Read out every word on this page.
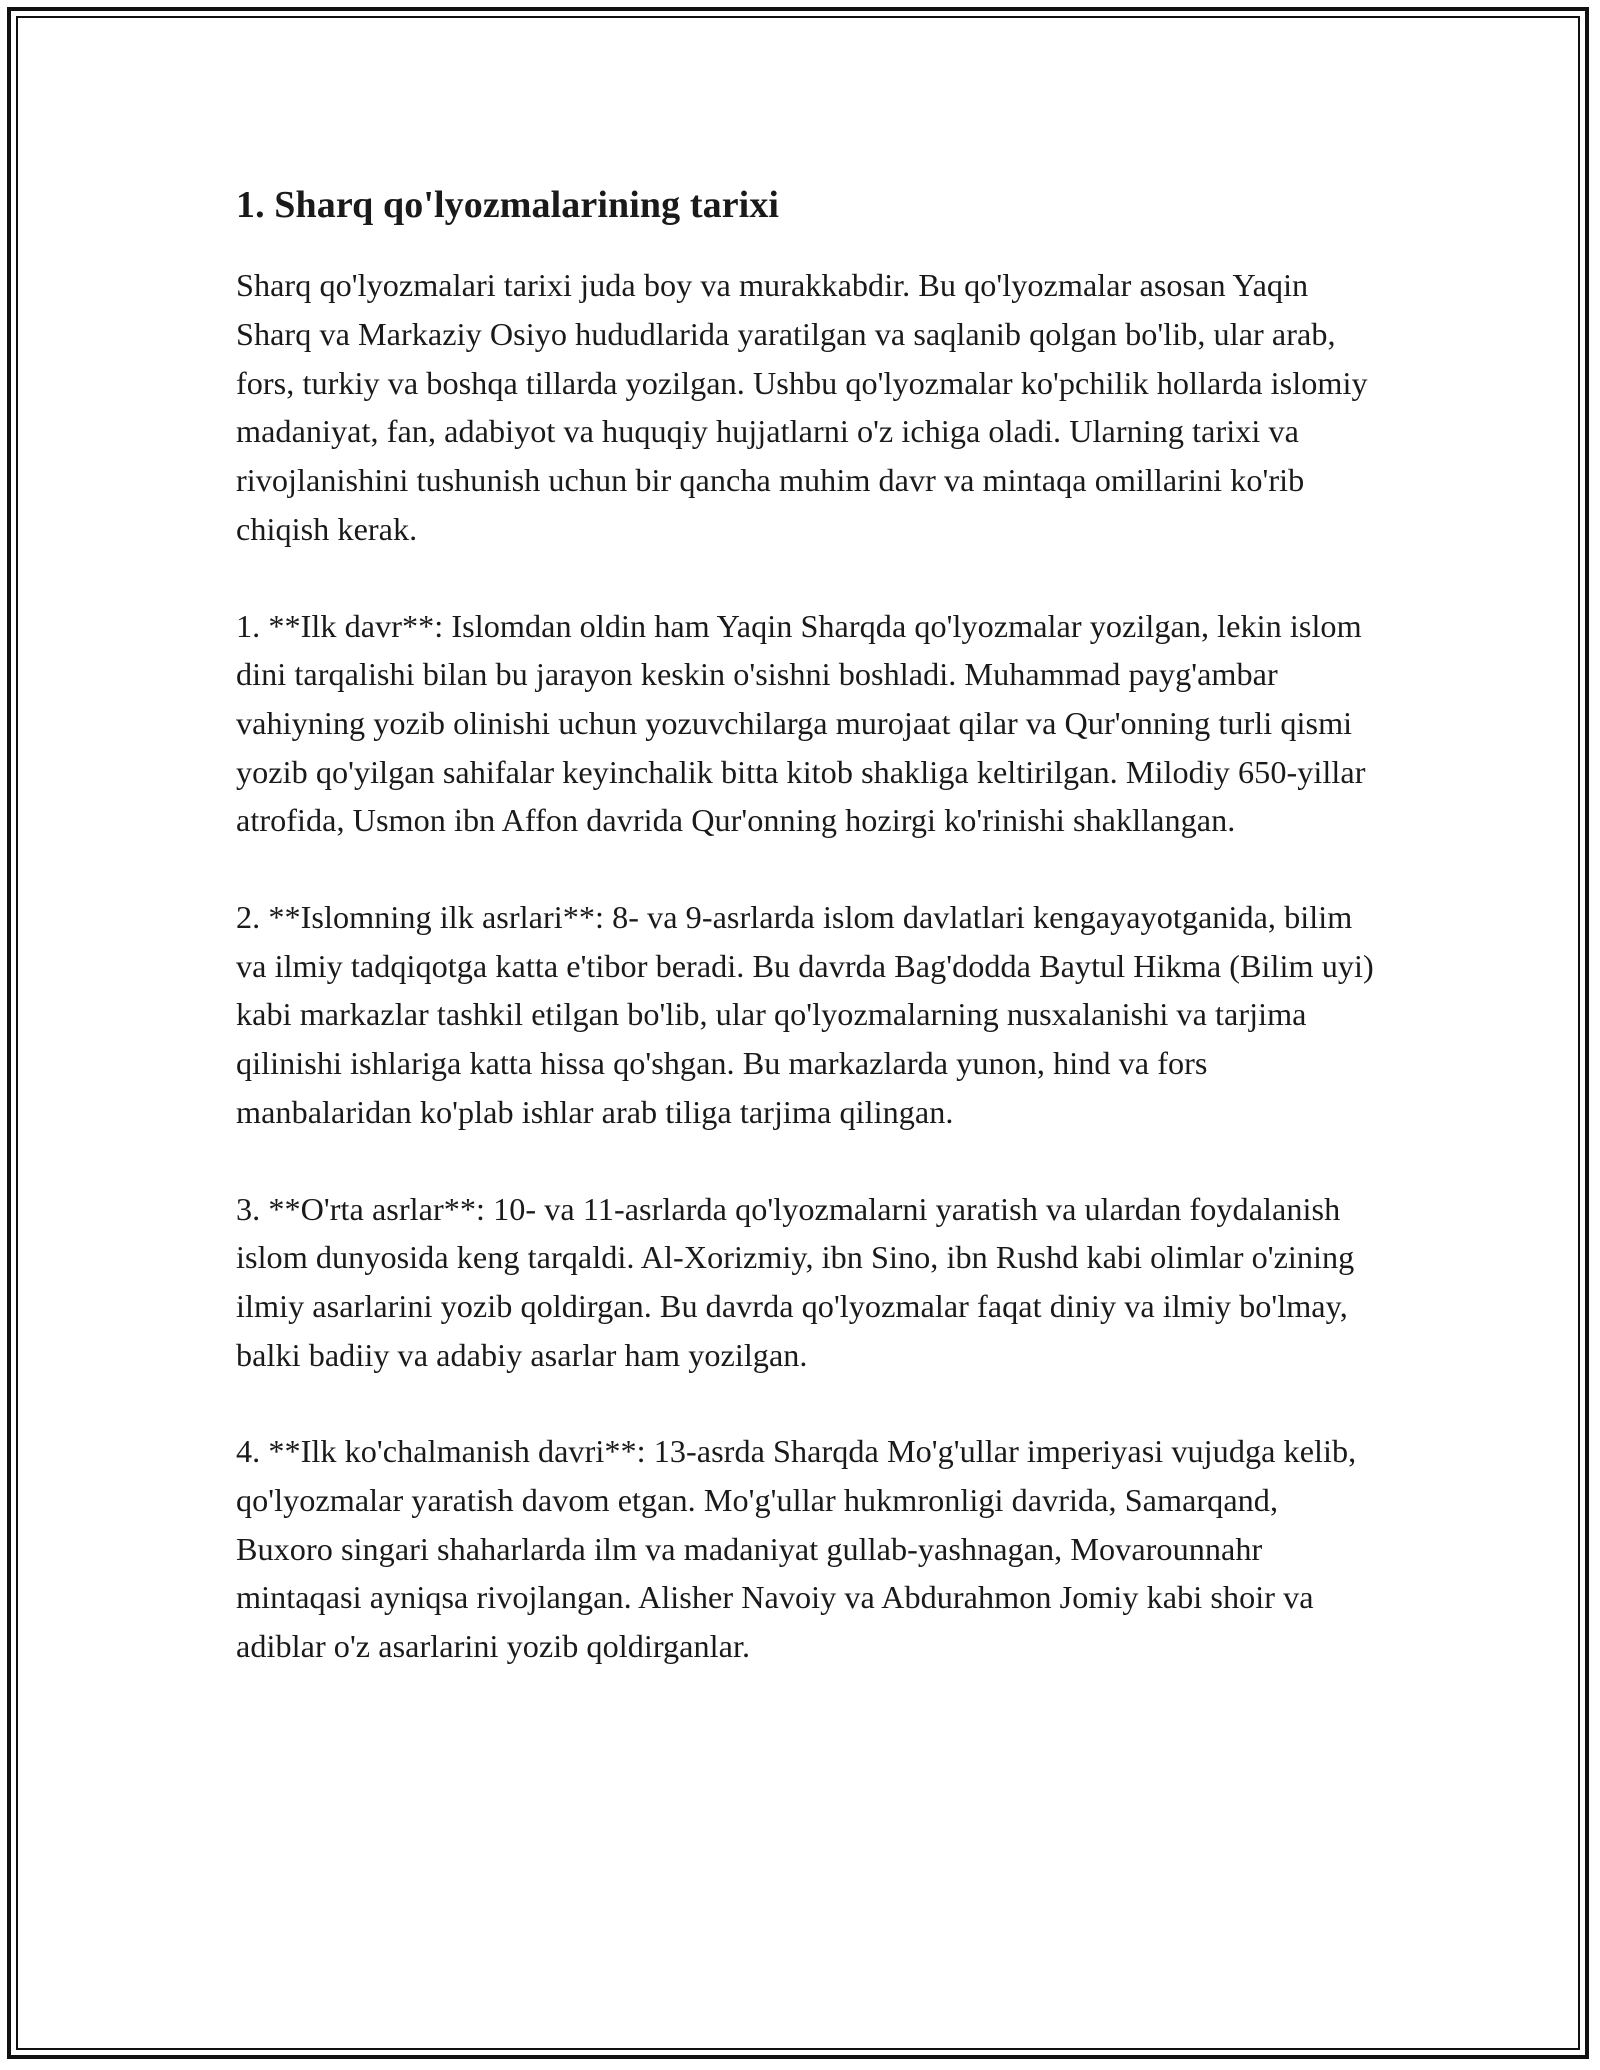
1. Sharq qo'lyozmalarining tarixi

Sharq qo'lyozmalari tarixi juda boy va murakkabdir. Bu qo'lyozmalar asosan Yaqin Sharq va Markaziy Osiyo hududlarida yaratilgan va saqlanib qolgan bo'lib, ular arab, fors, turkiy va boshqa tillarda yozilgan. Ushbu qo'lyozmalar ko'pchilik hollarda islomiy madaniyat, fan, adabiyot va huquqiy hujjatlarni o'z ichiga oladi. Ularning tarixi va rivojlanishini tushunish uchun bir qancha muhim davr va mintaqa omillarini ko'rib chiqish kerak.

1. **Ilk davr**: Islomdan oldin ham Yaqin Sharqda qo'lyozmalar yozilgan, lekin islom dini tarqalishi bilan bu jarayon keskin o'sishni boshladi. Muhammad payg'ambar vahiyning yozib olinishi uchun yozuvchilarga murojaat qilar va Qur'onning turli qismi yozib qo'yilgan sahifalar keyinchalik bitta kitob shakliga keltirilgan. Milodiy 650-yillar atrofida, Usmon ibn Affon davrida Qur'onning hozirgi ko'rinishi shakllangan.

2. **Islomning ilk asrlari**: 8- va 9-asrlarda islom davlatlari kengayayotganida, bilim va ilmiy tadqiqotga katta e'tibor beradi. Bu davrda Bag'dodda Baytul Hikma (Bilim uyi) kabi markazlar tashkil etilgan bo'lib, ular qo'lyozmalarning nusxalanishi va tarjima qilinishi ishlariga katta hissa qo'shgan. Bu markazlarda yunon, hind va fors manbalaridan ko'plab ishlar arab tiliga tarjima qilingan.

3. **O'rta asrlar**: 10- va 11-asrlarda qo'lyozmalarni yaratish va ulardan foydalanish islom dunyosida keng tarqaldi. Al-Xorizmiy, ibn Sino, ibn Rushd kabi olimlar o'zining ilmiy asarlarini yozib qoldirgan. Bu davrda qo'lyozmalar faqat diniy va ilmiy bo'lmay, balki badiiy va adabiy asarlar ham yozilgan.

4. **Ilk ko'chalmanish davri**: 13-asrda Sharqda Mo'g'ullar imperiyasi vujudga kelib, qo'lyozmalar yaratish davom etgan. Mo'g'ullar hukmronligi davrida, Samarqand, Buxoro singari shaharlarda ilm va madaniyat gullab-yashnagan, Movarounnahr mintaqasi ayniqsa rivojlangan. Alisher Navoiy va Abdurahmon Jomiy kabi shoir va adiblar o'z asarlarini yozib qoldirganlar.
